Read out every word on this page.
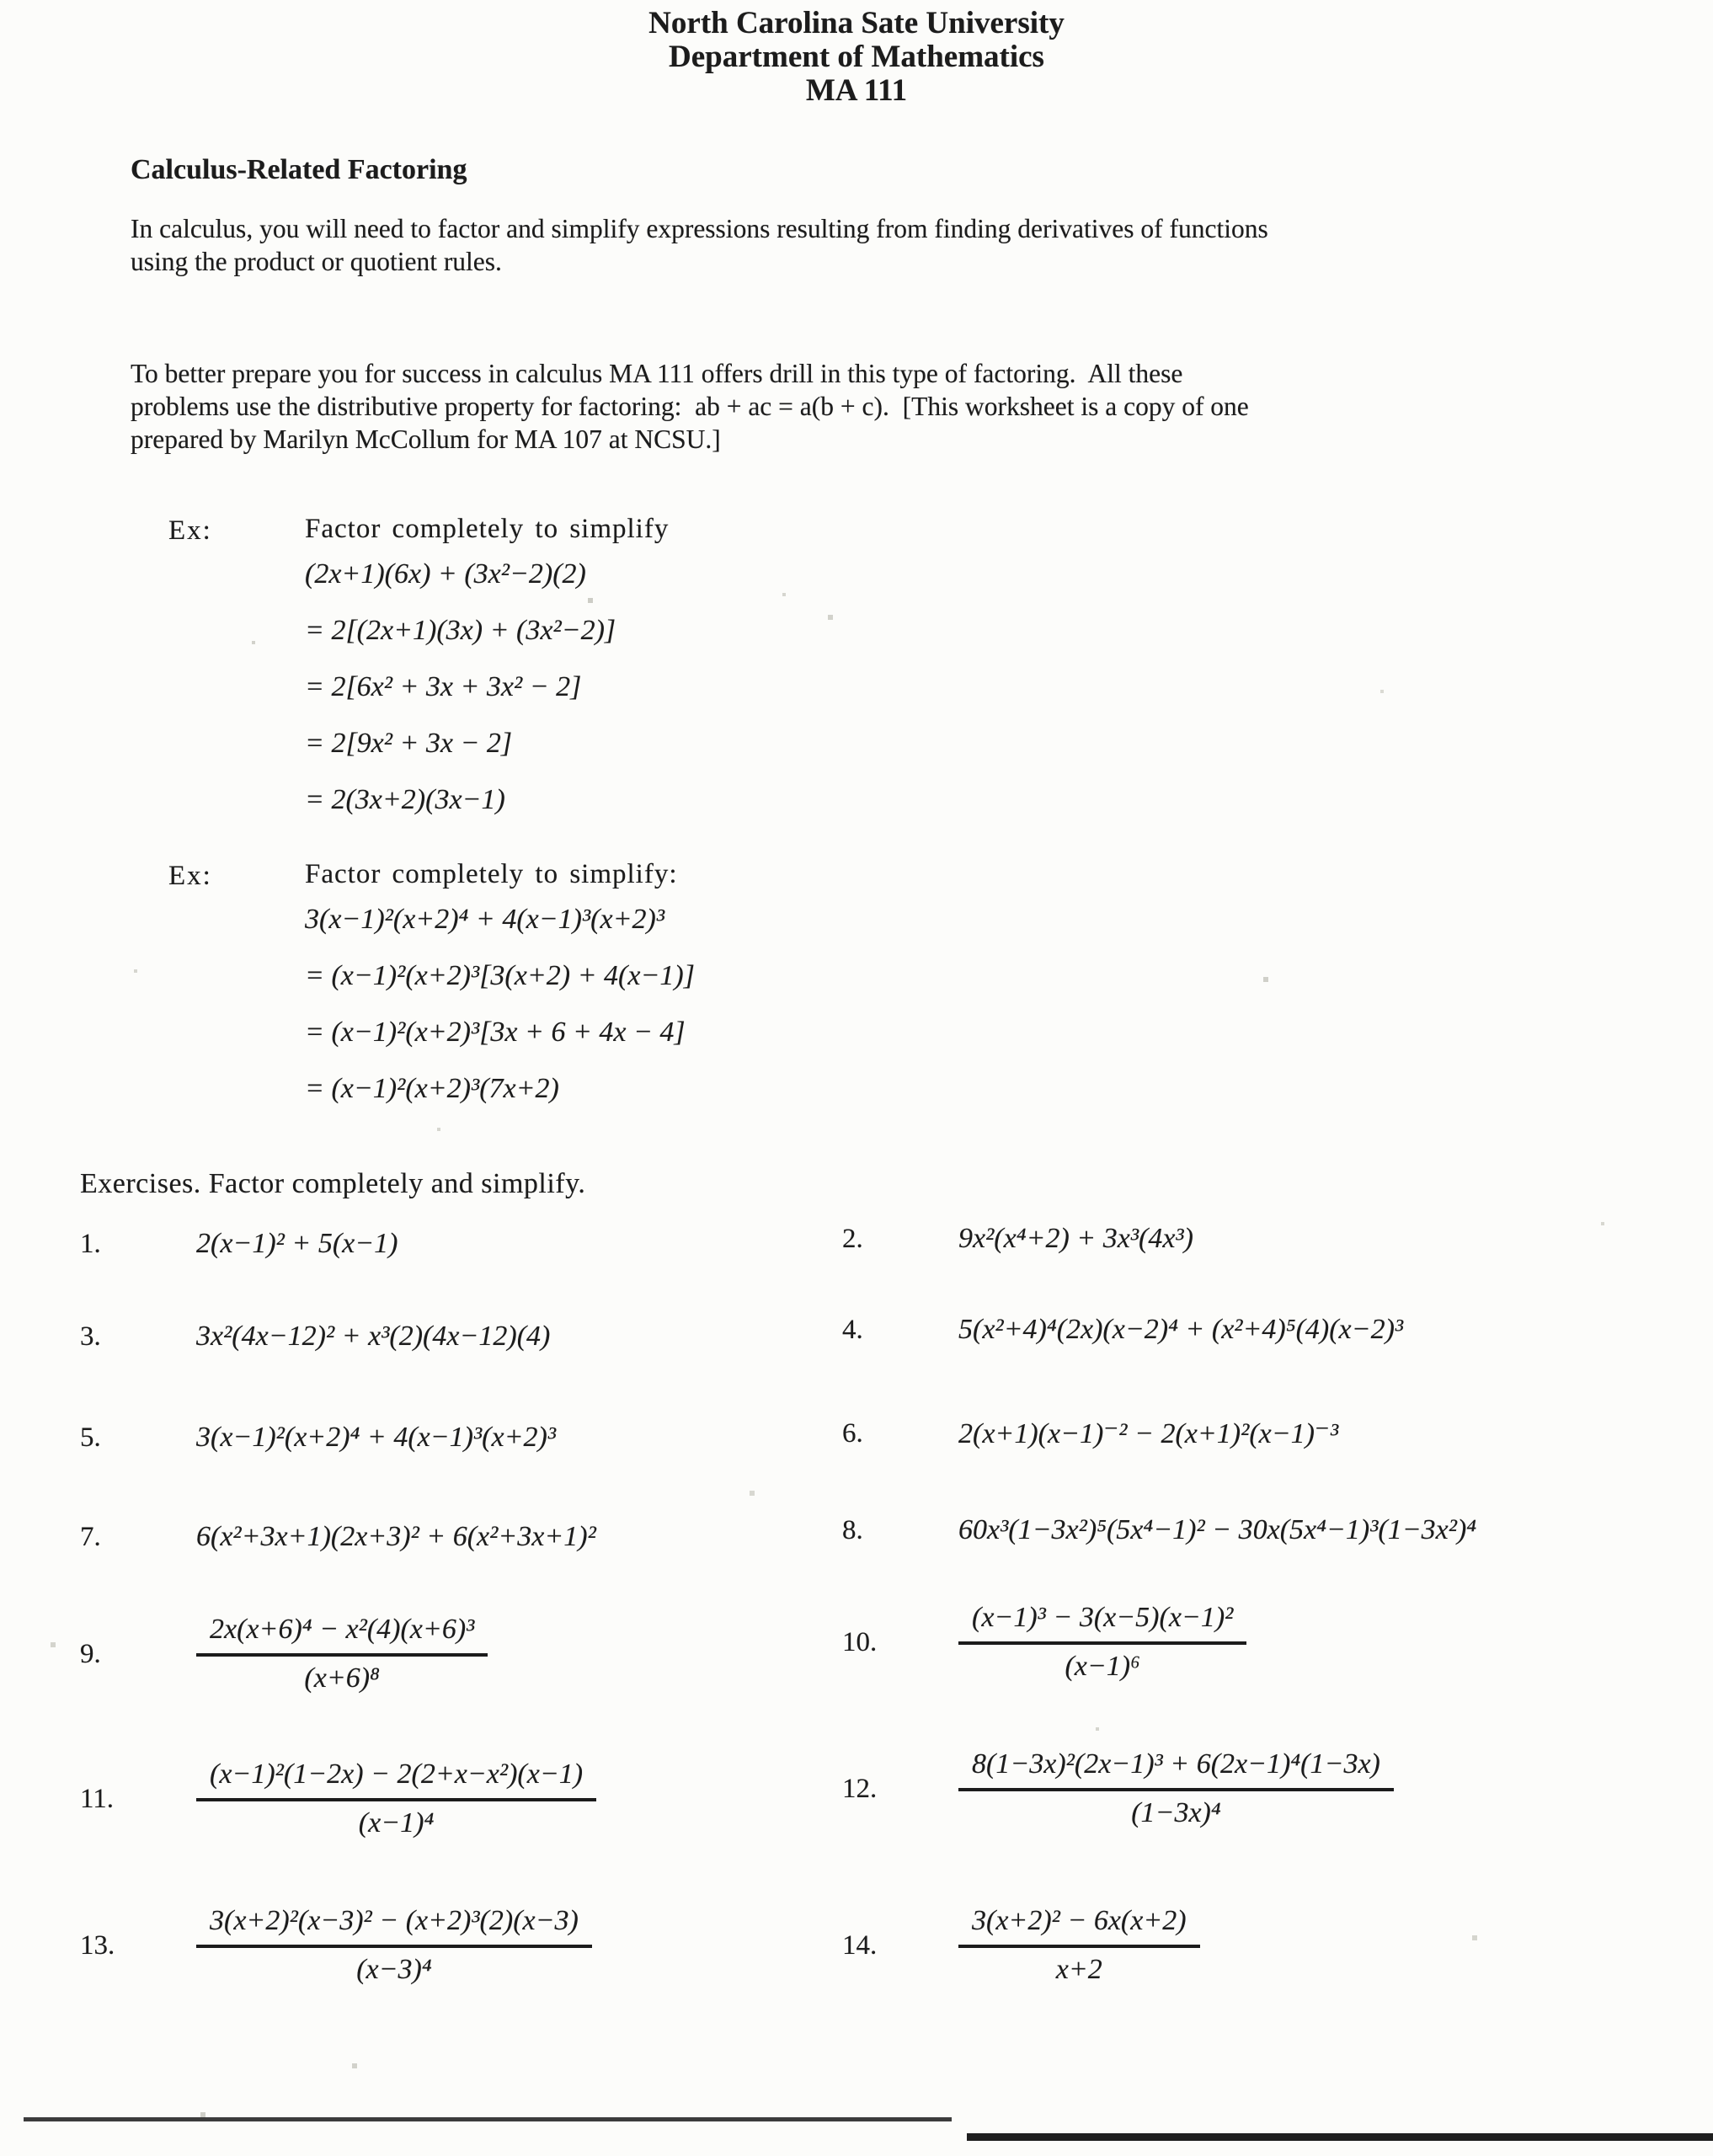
North Carolina Sate University
Department of Mathematics
MA 111
Calculus-Related Factoring
In calculus, you will need to factor and simplify expressions resulting from finding derivatives of functions
using the product or quotient rules.
To better prepare you for success in calculus MA 111 offers drill in this type of factoring.  All these
problems use the distributive property for factoring:  ab + ac = a(b + c).  [This worksheet is a copy of one
prepared by Marilyn McCollum for MA 107 at NCSU.]
Ex:	Factor completely to simplify
(2x+1)(6x) + (3x²−2)(2)
= 2[(2x+1)(3x) + (3x²−2)]
= 2[6x² + 3x + 3x² − 2]
= 2[9x² + 3x − 2]
= 2(3x+2)(3x−1)
Ex:	Factor completely to simplify:
3(x−1)²(x+2)⁴ + 4(x−1)³(x+2)³
= (x−1)²(x+2)³[3(x+2) + 4(x−1)]
= (x−1)²(x+2)³[3x + 6 + 4x − 4]
= (x−1)²(x+2)³(7x+2)
Exercises. Factor completely and simplify.
1.	2(x−1)² + 5(x−1)	2.	9x²(x⁴+2) + 3x³(4x³)
3.	3x²(4x−12)² + x³(2)(4x−12)(4)	4.	5(x²+4)⁴(2x)(x−2)⁴ + (x²+4)⁵(4)(x−2)³
5.	3(x−1)²(x+2)⁴ + 4(x−1)³(x+2)³	6.	2(x+1)(x−1)⁻² − 2(x+1)²(x−1)⁻³
7.	6(x²+3x+1)(2x+3)² + 6(x²+3x+1)²	8.	60x³(1−3x²)⁵(5x⁴−1)² − 30x(5x⁴−1)³(1−3x²)⁴
9.	$\frac{\text{2x(x+6)⁴ − x²(4)(x+6)³}}{\text{(x+6)⁸}}$	10.	$\frac{\text{(x−1)³ − 3(x−5)(x−1)²}}{\text{(x−1)⁶}}$
11.	$\frac{\text{(x−1)²(1−2x) − 2(2+x−x²)(x−1)}}{\text{(x−1)⁴}}$	12.	$\frac{\text{8(1−3x)²(2x−1)³ + 6(2x−1)⁴(1−3x)}}{\text{(1−3x)⁴}}$
13.	$\frac{\text{3(x+2)²(x−3)² − (x+2)³(2)(x−3)}}{\text{(x−3)⁴}}$	14.	$\frac{\text{3(x+2)² − 6x(x+2)}}{x+2}$
